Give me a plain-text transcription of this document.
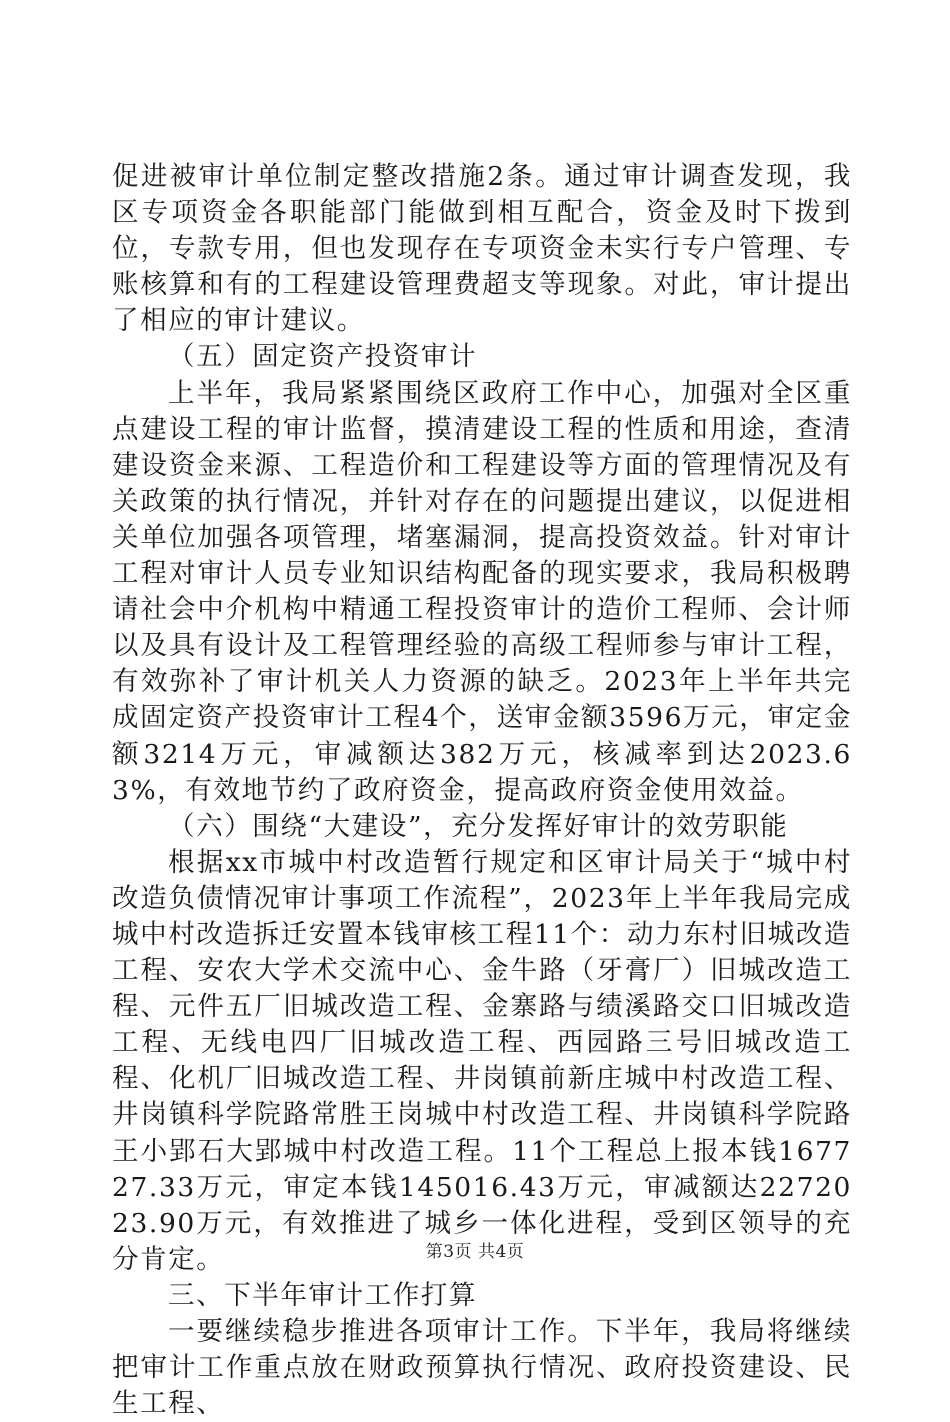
促进被审计单位制定整改措施2条。通过审计调查发现，我区专项资金各职能部门能做到相互配合，资金及时下拨到位，专款专用，但也发现存在专项资金未实行专户管理、专账核算和有的工程建设管理费超支等现象。对此，审计提出了相应的审计建议。

（五）固定资产投资审计

上半年，我局紧紧围绕区政府工作中心，加强对全区重点建设工程的审计监督，摸清建设工程的性质和用途，查清建设资金来源、工程造价和工程建设等方面的管理情况及有关政策的执行情况，并针对存在的问题提出建议，以促进相关单位加强各项管理，堵塞漏洞，提高投资效益。针对审计工程对审计人员专业知识结构配备的现实要求，我局积极聘请社会中介机构中精通工程投资审计的造价工程师、会计师以及具有设计及工程管理经验的高级工程师参与审计工程，有效弥补了审计机关人力资源的缺乏。2023年上半年共完成固定资产投资审计工程4个，送审金额3596万元，审定金额3214万元，审减额达382万元，核减率到达2023.63%，有效地节约了政府资金，提高政府资金使用效益。

（六）围绕“大建设”，充分发挥好审计的效劳职能

根据xx市城中村改造暂行规定和区审计局关于“城中村改造负债情况审计事项工作流程”，2023年上半年我局完成城中村改造拆迁安置本钱审核工程11个：动力东村旧城改造工程、安农大学术交流中心、金牛路（牙膏厂）旧城改造工程、元件五厂旧城改造工程、金寨路与绩溪路交口旧城改造工程、无线电四厂旧城改造工程、西园路三号旧城改造工程、化机厂旧城改造工程、井岗镇前新庄城中村改造工程、井岗镇科学院路常胜王岗城中村改造工程、井岗镇科学院路王小郢石大郢城中村改造工程。11个工程总上报本钱167727.33万元，审定本钱145016.43万元，审减额达2272023.90万元，有效推进了城乡一体化进程，受到区领导的充分肯定。

三、下半年审计工作打算

一要继续稳步推进各项审计工作。下半年，我局将继续把审计工作重点放在财政预算执行情况、政府投资建设、民生工程、

第3页 共4页
